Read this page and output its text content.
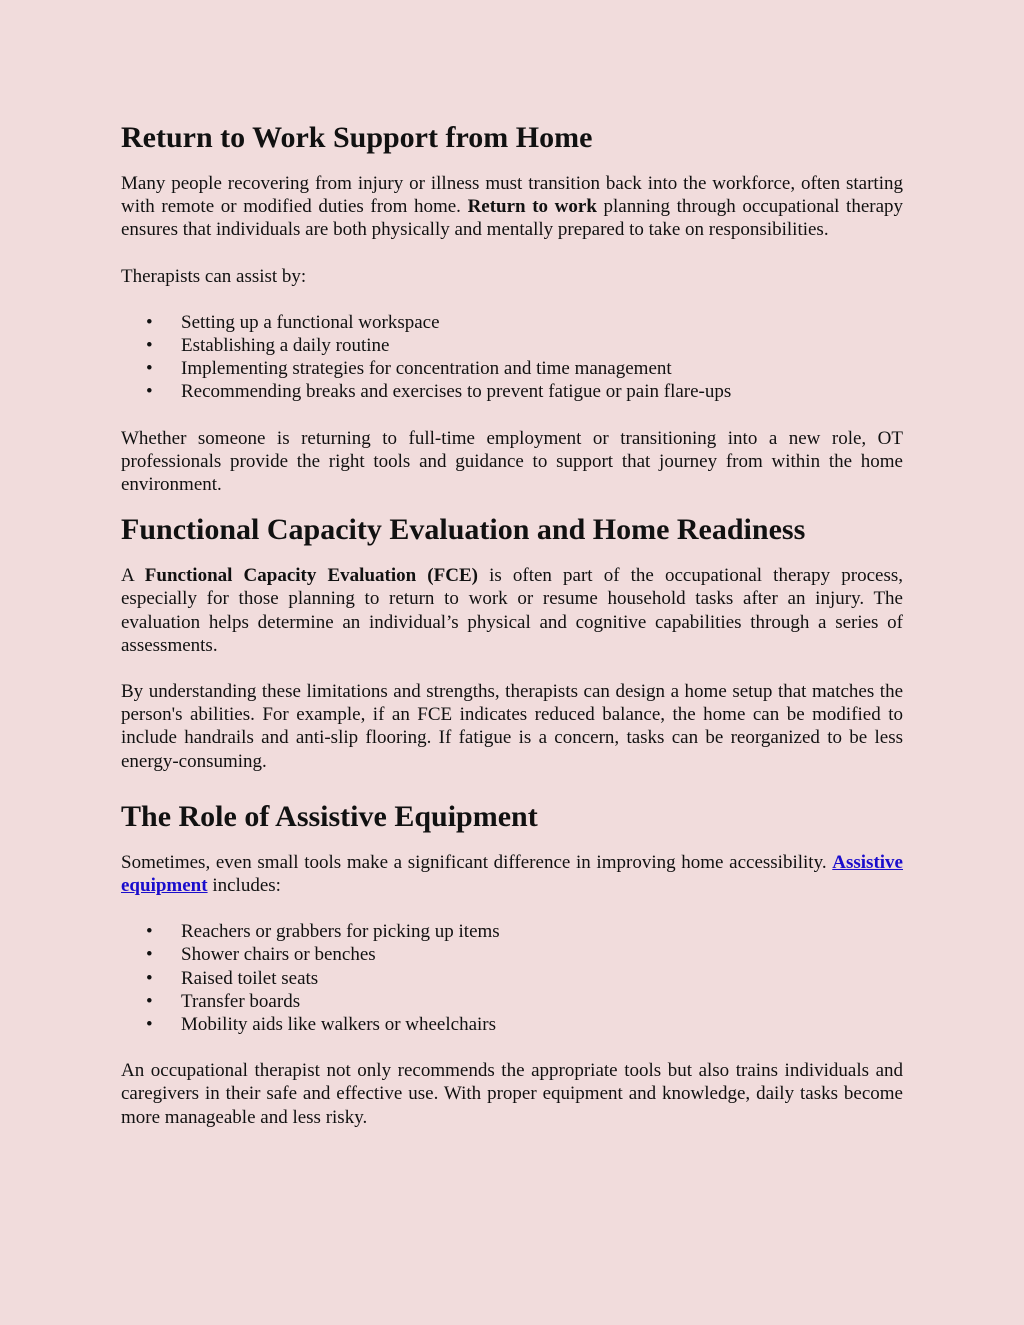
Return to Work Support from Home

Many people recovering from injury or illness must transition back into the workforce, often starting with remote or modified duties from home. Return to work planning through occupational therapy ensures that individuals are both physically and mentally prepared to take on responsibilities.

Therapists can assist by:

• Setting up a functional workspace
• Establishing a daily routine
• Implementing strategies for concentration and time management
• Recommending breaks and exercises to prevent fatigue or pain flare-ups

Whether someone is returning to full-time employment or transitioning into a new role, OT professionals provide the right tools and guidance to support that journey from within the home environment.

Functional Capacity Evaluation and Home Readiness

A Functional Capacity Evaluation (FCE) is often part of the occupational therapy process, especially for those planning to return to work or resume household tasks after an injury. The evaluation helps determine an individual’s physical and cognitive capabilities through a series of assessments.

By understanding these limitations and strengths, therapists can design a home setup that matches the person's abilities. For example, if an FCE indicates reduced balance, the home can be modified to include handrails and anti-slip flooring. If fatigue is a concern, tasks can be reorganized to be less energy-consuming.

The Role of Assistive Equipment

Sometimes, even small tools make a significant difference in improving home accessibility. Assistive equipment includes:

• Reachers or grabbers for picking up items
• Shower chairs or benches
• Raised toilet seats
• Transfer boards
• Mobility aids like walkers or wheelchairs

An occupational therapist not only recommends the appropriate tools but also trains individuals and caregivers in their safe and effective use. With proper equipment and knowledge, daily tasks become more manageable and less risky.
